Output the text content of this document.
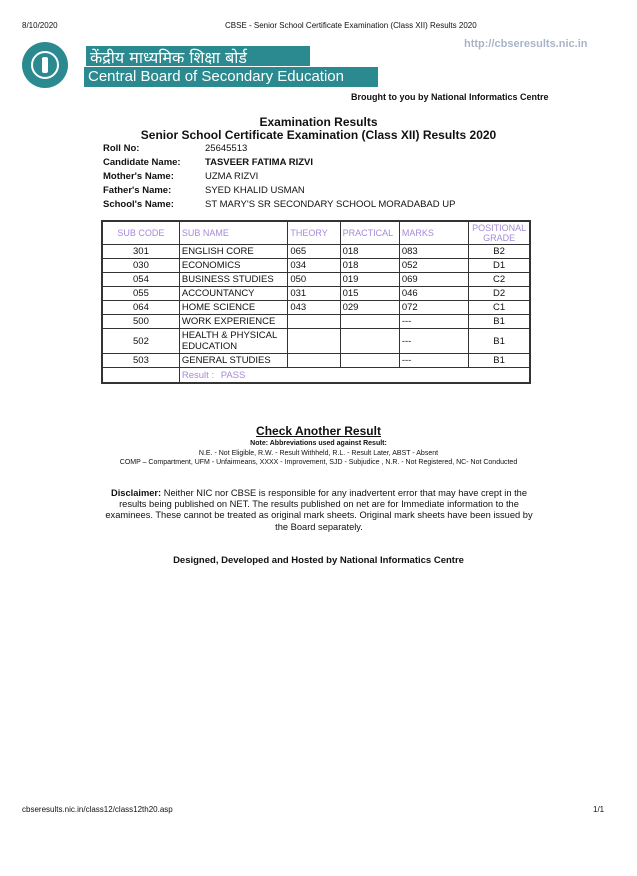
8/10/2020	CBSE - Senior School Certificate Examination (Class XII) Results 2020
http://cbseresults.nic.in
केंद्रीय माध्यमिक शिक्षा बोर्ड
Central Board of Secondary Education
Brought to you by National Informatics Centre
Examination Results
Senior School Certificate Examination (Class XII) Results 2020
Roll No:	25645513
Candidate Name:	TASVEER FATIMA RIZVI
Mother's Name:	UZMA RIZVI
Father's Name:	SYED KHALID USMAN
School's Name:	ST MARY'S SR SECONDARY SCHOOL MORADABAD UP
SUB CODE	SUB NAME	THEORY	PRACTICAL	MARKS	POSITIONAL GRADE
301	ENGLISH CORE	065	018	083	B2
030	ECONOMICS	034	018	052	D1
054	BUSINESS STUDIES	050	019	069	C2
055	ACCOUNTANCY	031	015	046	D2
064	HOME SCIENCE	043	029	072	C1
500	WORK EXPERIENCE			---	B1
502	HEALTH & PHYSICAL EDUCATION			---	B1
503	GENERAL STUDIES			---	B1
	Result : PASS				
Check Another Result
Note: Abbreviations used against Result:
N.E. - Not Eligible, R.W. - Result Withheld, R.L. - Result Later, ABST - Absent
COMP – Compartment, UFM - Unfairmeans, XXXX - Improvement, SJD - Subjudice , N.R. - Not Registered, NC- Not Conducted
Disclaimer: Neither NIC nor CBSE is responsible for any inadvertent error that may have crept in the results being published on NET. The results published on net are for Immediate information to the examinees. These cannot be treated as original mark sheets. Original mark sheets have been issued by the Board separately.
Designed, Developed and Hosted by National Informatics Centre
cbseresults.nic.in/class12/class12th20.asp	1/1
